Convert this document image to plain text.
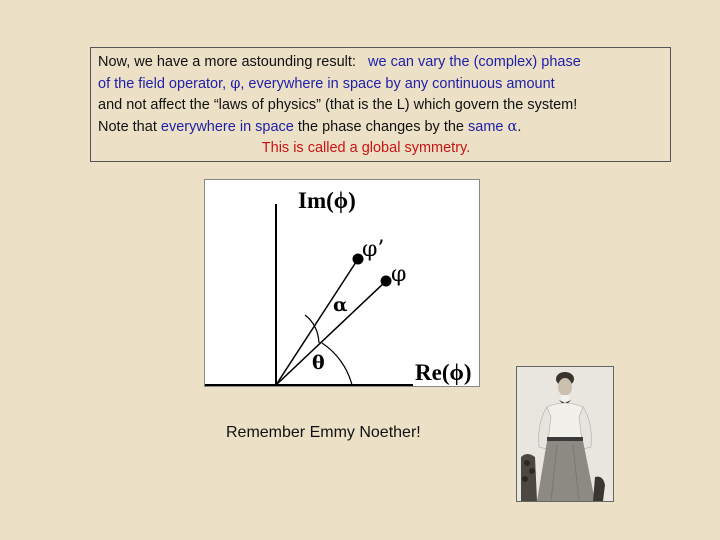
Now, we have a more astounding result: we can vary the (complex) phase
of the field operator, φ, everywhere in space by any continuous amount
and not affect the “laws of physics” (that is the L) which govern the system!
Note that everywhere in space the phase changes by the same α.
This is called a global symmetry.
Im(ϕ)
Re(ϕ)
φ’
φ
α
θ
Remember Emmy Noether!
